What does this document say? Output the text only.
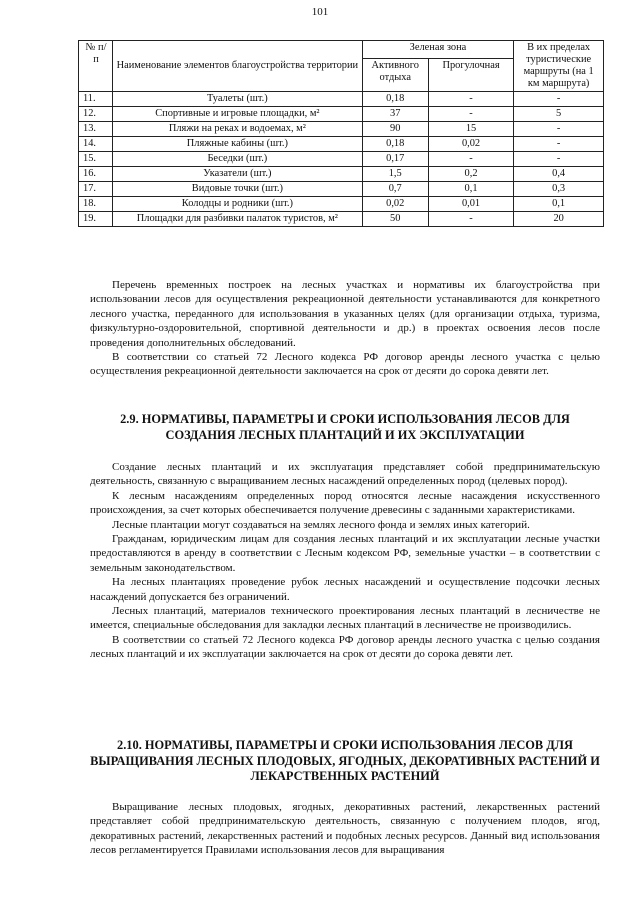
101
№ п/п	Наименование элементов благоустройства территории	Зеленая зона		В их пределах туристические маршруты (на 1 км маршрута)
		Активного отдыха	Прогулочная	
11.	Туалеты (шт.)	0,18	-	-
12.	Спортивные и игровые площадки, м²	37	-	5
13.	Пляжи на реках и водоемах, м²	90	15	-
14.	Пляжные кабины (шт.)	0,18	0,02	-
15.	Беседки (шт.)	0,17	-	-
16.	Указатели (шт.)	1,5	0,2	0,4
17.	Видовые точки (шт.)	0,7	0,1	0,3
18.	Колодцы и родники (шт.)	0,02	0,01	0,1
19.	Площадки для разбивки палаток туристов, м²	50	-	20

Перечень временных построек на лесных участках и нормативы их благоустройства при использовании лесов для осуществления рекреационной деятельности устанавливаются для конкретного лесного участка, переданного для использования в указанных целях (для организации отдыха, туризма, физкультурно-оздоровительной, спортивной деятельности и др.) в проектах освоения лесов после проведения дополнительных обследований.

В соответствии со статьей 72 Лесного кодекса РФ договор аренды лесного участка с целью осуществления рекреационной деятельности заключается на срок от десяти до сорока девяти лет.

2.9. НОРМАТИВЫ, ПАРАМЕТРЫ И СРОКИ ИСПОЛЬЗОВАНИЯ ЛЕСОВ ДЛЯ СОЗДАНИЯ ЛЕСНЫХ ПЛАНТАЦИЙ И ИХ ЭКСПЛУАТАЦИИ

Создание лесных плантаций и их эксплуатация представляет собой предпринимательскую деятельность, связанную с выращиванием лесных насаждений определенных пород (целевых пород).

К лесным насаждениям определенных пород относятся лесные насаждения искусственного происхождения, за счет которых обеспечивается получение древесины с заданными характеристиками.

Лесные плантации могут создаваться на землях лесного фонда и землях иных категорий.

Гражданам, юридическим лицам для создания лесных плантаций и их эксплуатации лесные участки предоставляются в аренду в соответствии с Лесным кодексом РФ, земельные участки – в соответствии с земельным законодательством.

На лесных плантациях проведение рубок лесных насаждений и осуществление подсочки лесных насаждений допускается без ограничений.

Лесных плантаций, материалов технического проектирования лесных плантаций в лесничестве не имеется, специальные обследования для закладки лесных плантаций в лесничестве не производились.

В соответствии со статьей 72 Лесного кодекса РФ договор аренды лесного участка с целью создания лесных плантаций и их эксплуатации заключается на срок от десяти до сорока девяти лет.

2.10. НОРМАТИВЫ, ПАРАМЕТРЫ И СРОКИ ИСПОЛЬЗОВАНИЯ ЛЕСОВ ДЛЯ ВЫРАЩИВАНИЯ ЛЕСНЫХ ПЛОДОВЫХ, ЯГОДНЫХ, ДЕКОРАТИВНЫХ РАСТЕНИЙ И ЛЕКАРСТВЕННЫХ РАСТЕНИЙ

Выращивание лесных плодовых, ягодных, декоративных растений, лекарственных растений представляет собой предпринимательскую деятельность, связанную с получением плодов, ягод, декоративных растений, лекарственных растений и подобных лесных ресурсов. Данный вид использования лесов регламентируется Правилами использования лесов для выращивания
